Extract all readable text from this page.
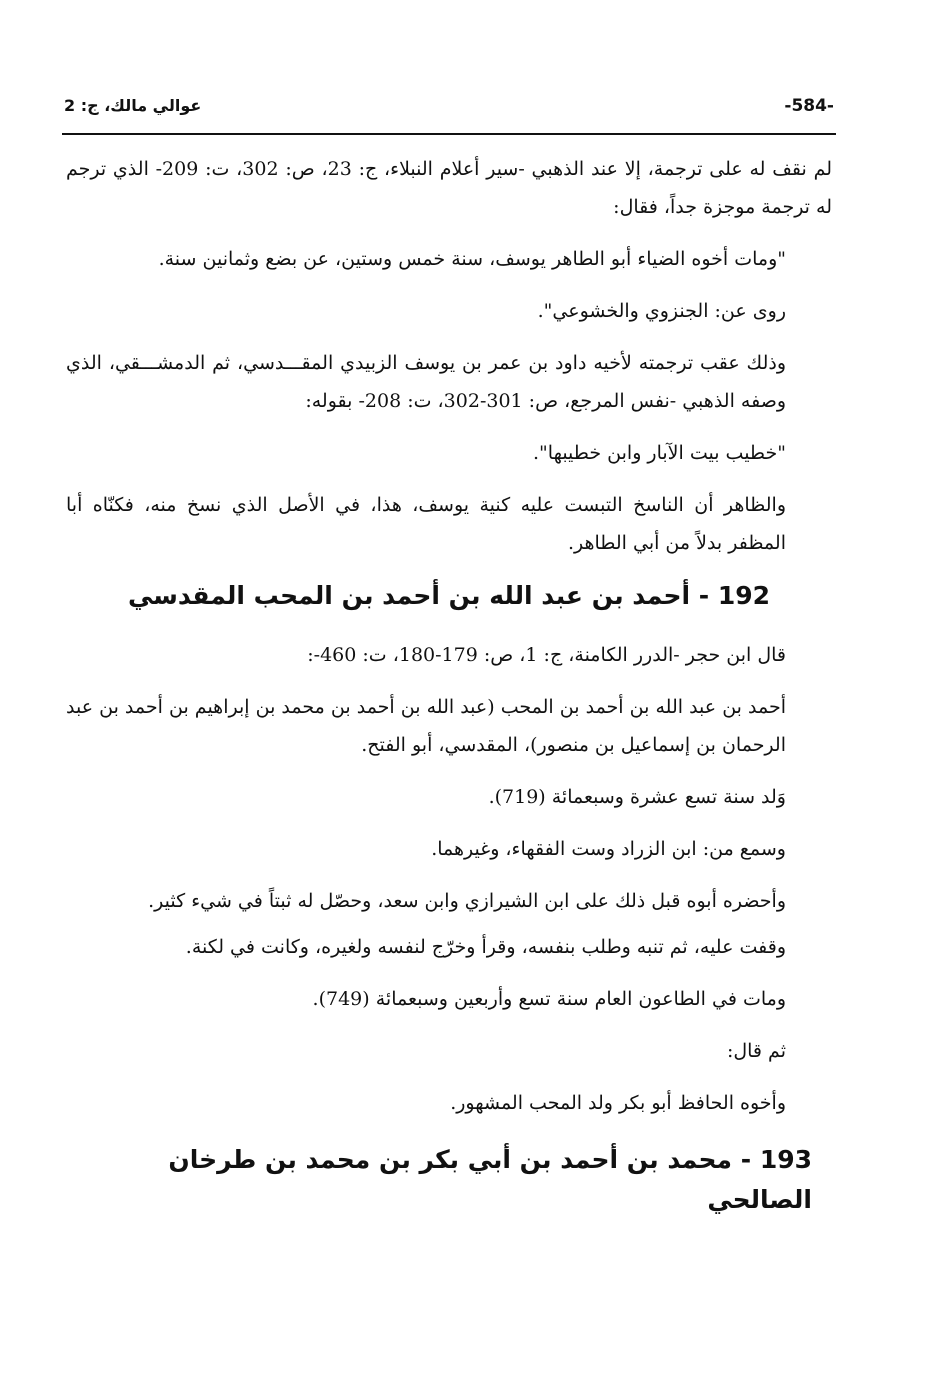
-584-
عوالي مالك، ج: 2

لم نقف له على ترجمة، إلا عند الذهبي -سير أعلام النبلاء، ج: 23، ص: 302، ت: 209- الذي ترجم له ترجمة موجزة جداً، فقال:

"ومات أخوه الضياء أبو الطاهر يوسف، سنة خمس وستين، عن بضع وثمانين سنة.

روى عن: الجنزوي والخشوعي".

وذلك عقب ترجمته لأخيه داود بن عمر بن يوسف الزبيدي المقـــدسي، ثم الدمشـــقي، الذي وصفه الذهبي -نفس المرجع، ص: 301-302، ت: 208- بقوله:

"خطيب بيت الآبار وابن خطيبها".

والظاهر أن الناسخ التبست عليه كنية يوسف، هذا، في الأصل الذي نسخ منه، فكنّاه أبا المظفر بدلاً من أبي الطاهر.

192 - أحمد بن عبد الله بن أحمد بن المحب المقدسي

قال ابن حجر -الدرر الكامنة، ج: 1، ص: 179-180، ت: 460-:

أحمد بن عبد الله بن أحمد بن المحب (عبد الله بن أحمد بن محمد بن إبراهيم بن أحمد بن عبد الرحمان بن إسماعيل بن منصور)، المقدسي، أبو الفتح.

وَلد سنة تسع عشرة وسبعمائة (719).

وسمع من: ابن الزراد وست الفقهاء، وغيرهما.

وأحضره أبوه قبل ذلك على ابن الشيرازي وابن سعد، وحصّل له ثبتاً في شيء كثير.

وقفت عليه، ثم تنبه وطلب بنفسه، وقرأ وخرّج لنفسه ولغيره، وكانت في لكنة.

ومات في الطاعون العام سنة تسع وأربعين وسبعمائة (749).

ثم قال:

وأخوه الحافظ أبو بكر ولد المحب المشهور.

193 - محمد بن أحمد بن أبي بكر بن محمد بن طرخان الصالحي
